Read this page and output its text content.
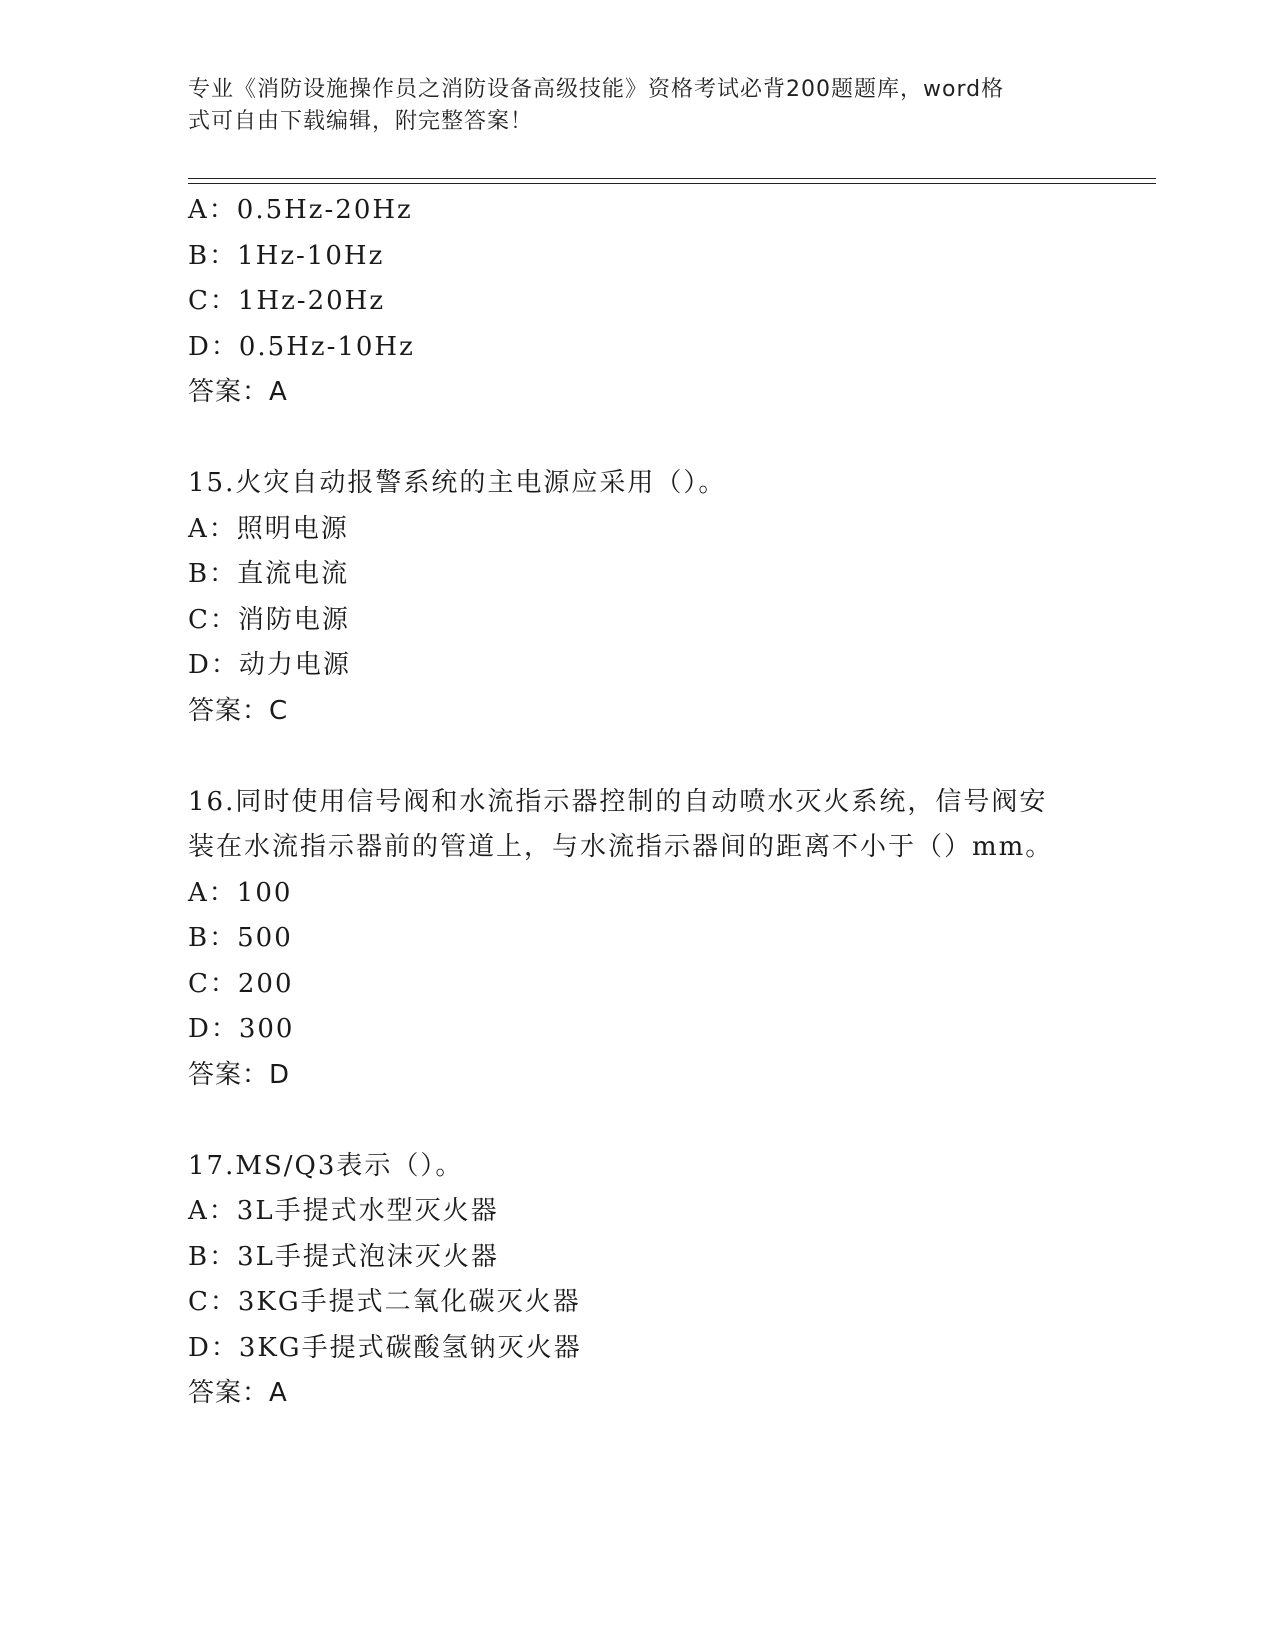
专业《消防设施操作员之消防设备高级技能》资格考试必背200题题库，word格
式可自由下载编辑，附完整答案！
A：0.5Hz-20Hz
B：1Hz-10Hz
C：1Hz-20Hz
D：0.5Hz-10Hz
答案：A
15.火灾自动报警系统的主电源应采用（）。
A：照明电源
B：直流电流
C：消防电源
D：动力电源
答案：C
16.同时使用信号阀和水流指示器控制的自动喷水灭火系统，信号阀安
装在水流指示器前的管道上，与水流指示器间的距离不小于（）mm。
A：100
B：500
C：200
D：300
答案：D
17.MS/Q3表示（）。
A：3L手提式水型灭火器
B：3L手提式泡沫灭火器
C：3KG手提式二氧化碳灭火器
D：3KG手提式碳酸氢钠灭火器
答案：A
